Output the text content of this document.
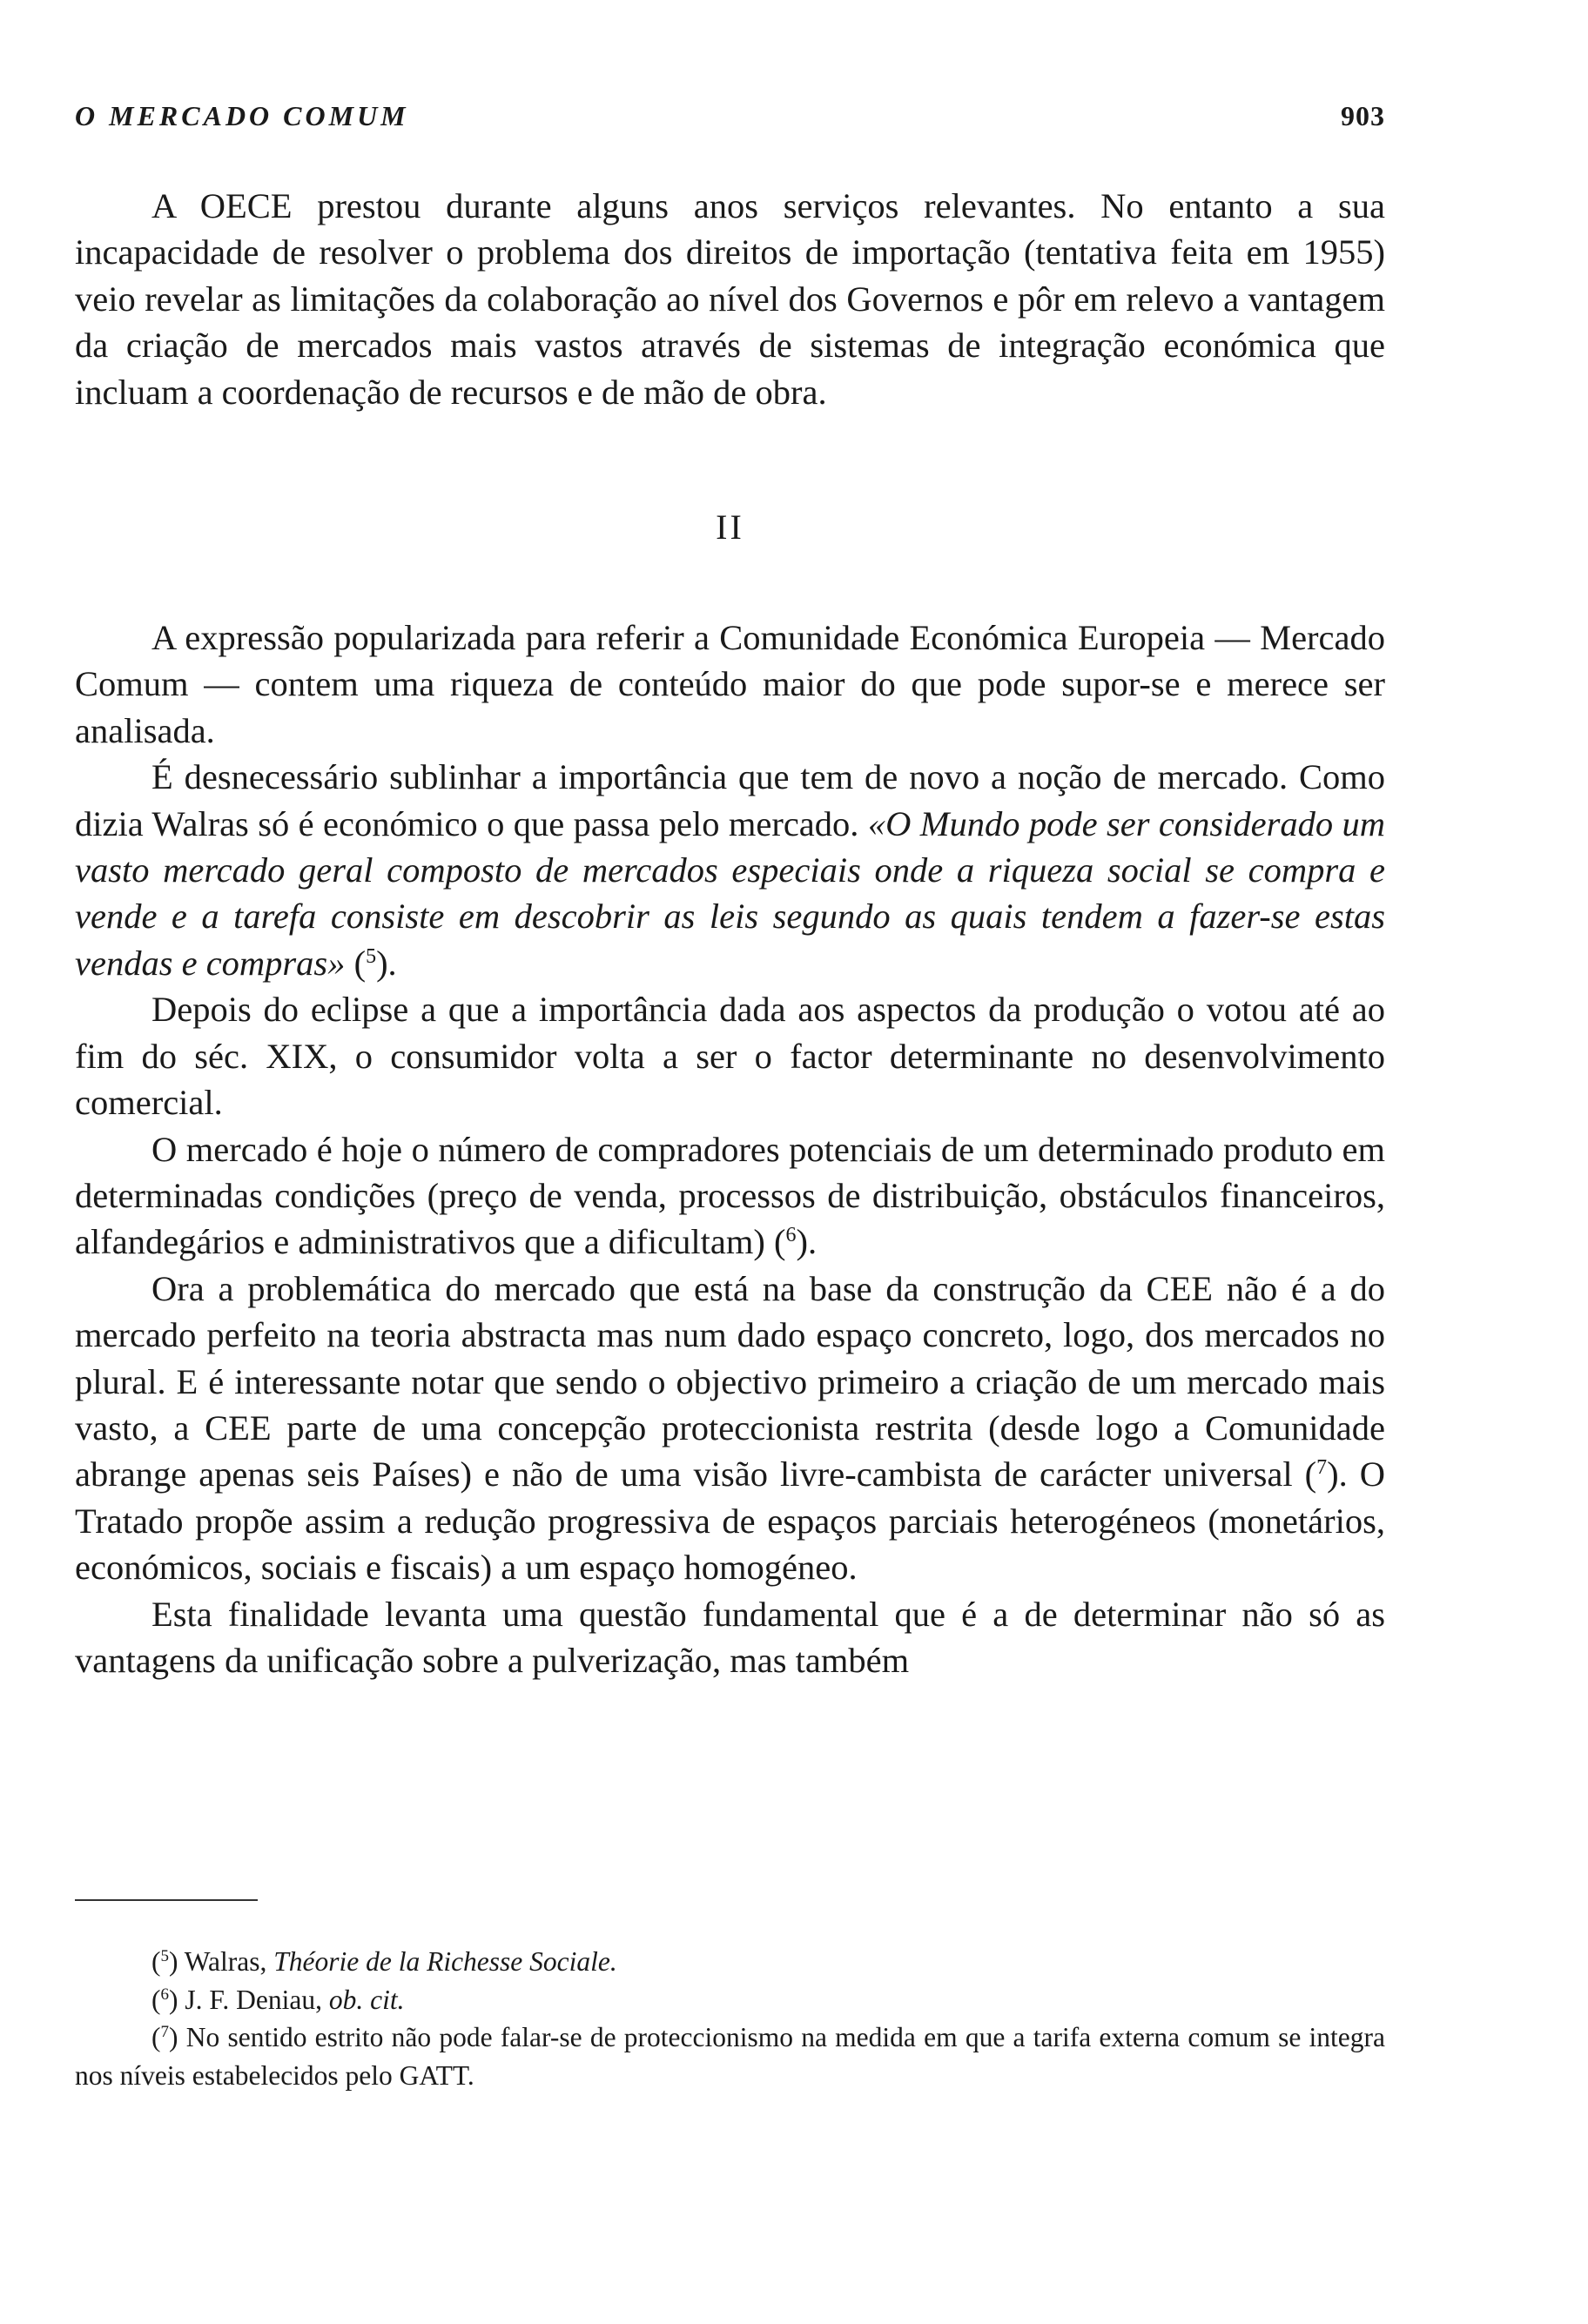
O MERCADO COMUM	903

A OECE prestou durante alguns anos serviços relevantes. No entanto a sua incapacidade de resolver o problema dos direitos de importação (tentativa feita em 1955) veio revelar as limitações da colaboração ao nível dos Governos e pôr em relevo a vantagem da criação de mercados mais vastos através de sistemas de integração económica que incluam a coordenação de recursos e de mão de obra.

II

A expressão popularizada para referir a Comunidade Económica Europeia — Mercado Comum — contem uma riqueza de conteúdo maior do que pode supor-se e merece ser analisada.

É desnecessário sublinhar a importância que tem de novo a noção de mercado. Como dizia Walras só é económico o que passa pelo mercado. «O Mundo pode ser considerado um vasto mercado geral composto de mercados especiais onde a riqueza social se compra e vende e a tarefa consiste em descobrir as leis segundo as quais tendem a fazer-se estas vendas e compras» ($^5$).

Depois do eclipse a que a importância dada aos aspectos da produção o votou até ao fim do séc. XIX, o consumidor volta a ser o factor determinante no desenvolvimento comercial.

O mercado é hoje o número de compradores potenciais de um determinado produto em determinadas condições (preço de venda, processos de distribuição, obstáculos financeiros, alfandegários e administrativos que a dificultam) ($^6$).

Ora a problemática do mercado que está na base da construção da CEE não é a do mercado perfeito na teoria abstracta mas num dado espaço concreto, logo, dos mercados no plural. E é interessante notar que sendo o objectivo primeiro a criação de um mercado mais vasto, a CEE parte de uma concepção proteccionista restrita (desde logo a Comunidade abrange apenas seis Países) e não de uma visão livre-cambista de carácter universal ($^7$). O Tratado propõe assim a redução progressiva de espaços parciais heterogéneos (monetários, económicos, sociais e fiscais) a um espaço homogéneo.

Esta finalidade levanta uma questão fundamental que é a de determinar não só as vantagens da unificação sobre a pulverização, mas também

($^5$) Walras, Théorie de la Richesse Sociale.

($^6$) J. F. Deniau, ob. cit.

($^7$) No sentido estrito não pode falar-se de proteccionismo na medida em que a tarifa externa comum se integra nos níveis estabelecidos pelo GATT.
